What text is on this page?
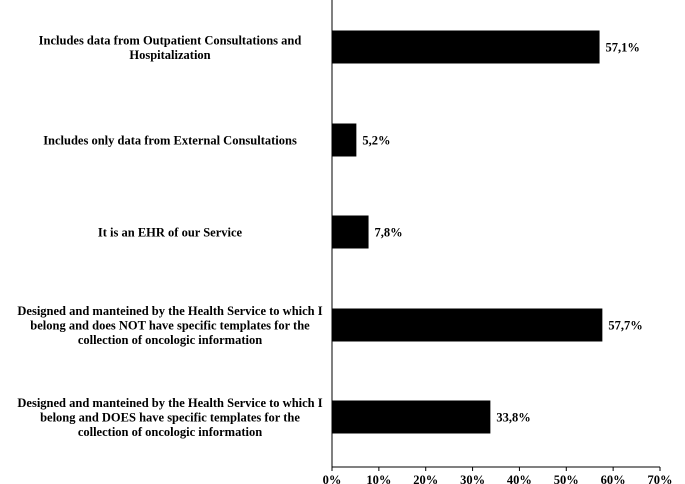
Includes data from Outpatient Consultations and Hospitalization
Includes only data from External Consultations
It is an EHR of our Service
Designed and manteined by the Health Service to which I belong and does NOT have specific templates for the collection of oncologic information
Designed and manteined by the Health Service to which I belong and DOES have specific templates for the collection of oncologic information
57,1%
5,2%
7,8%
57,7%
33,8%
0% 10% 20% 30% 40% 50% 60% 70%
